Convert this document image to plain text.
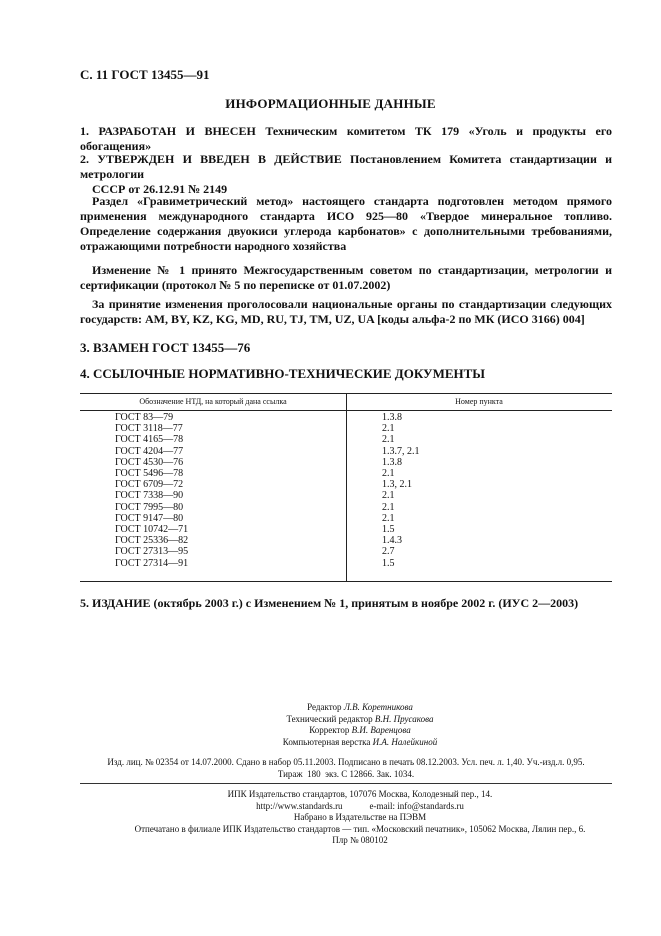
С. 11 ГОСТ 13455—91
ИНФОРМАЦИОННЫЕ ДАННЫЕ
1. РАЗРАБОТАН И ВНЕСЕН Техническим комитетом ТК 179 «Уголь и продукты его обогащения»
2. УТВЕРЖДЕН И ВВЕДЕН В ДЕЙСТВИЕ Постановлением Комитета стандартизации и метрологии
СССР от 26.12.91 № 2149
Раздел «Гравиметрический метод» настоящего стандарта подготовлен методом прямого применения международного стандарта ИСО 925—80 «Твердое минеральное топливо. Определение содержания двуокиси углерода карбонатов» с дополнительными требованиями, отражающими потребности народного хозяйства
Изменение № 1 принято Межгосударственным советом по стандартизации, метрологии и сертификации (протокол № 5 по переписке от 01.07.2002)
За принятие изменения проголосовали национальные органы по стандартизации следующих государств: AM, BY, KZ, KG, MD, RU, TJ, TM, UZ, UA [коды альфа-2 по МК (ИСО 3166) 004]
3. ВЗАМЕН ГОСТ 13455—76
4. ССЫЛОЧНЫЕ НОРМАТИВНО-ТЕХНИЧЕСКИЕ ДОКУМЕНТЫ
Обозначение НТД, на который дана ссылка	Номер пункта
ГОСТ 83—79
ГОСТ 3118—77
ГОСТ 4165—78
ГОСТ 4204—77
ГОСТ 4530—76
ГОСТ 5496—78
ГОСТ 6709—72
ГОСТ 7338—90
ГОСТ 7995—80
ГОСТ 9147—80
ГОСТ 10742—71
ГОСТ 25336—82
ГОСТ 27313—95
ГОСТ 27314—91
1.3.8
2.1
2.1
1.3.7, 2.1
1.3.8
2.1
1.3, 2.1
2.1
2.1
2.1
1.5
1.4.3
2.7
1.5
5. ИЗДАНИЕ (октябрь 2003 г.) с Изменением № 1, принятым в ноябре 2002 г. (ИУС 2—2003)
Редактор Л.В. Коретникова
Технический редактор В.Н. Прусакова
Корректор В.И. Варенцова
Компьютерная верстка И.А. Налейкиной
Изд. лиц. № 02354 от 14.07.2000. Сдано в набор 05.11.2003. Подписано в печать 08.12.2003. Усл. печ. л. 1,40. Уч.-изд.л. 0,95.
Тираж  180  экз. С 12866. Зак. 1034.
ИПК Издательство стандартов, 107076 Москва, Колодезный пер., 14.
http://www.standards.ru            e-mail: info@standards.ru
Набрано в Издательстве на ПЭВМ
Отпечатано в филиале ИПК Издательство стандартов — тип. «Московский печатник», 105062 Москва, Лялин пер., 6.
Плр № 080102
